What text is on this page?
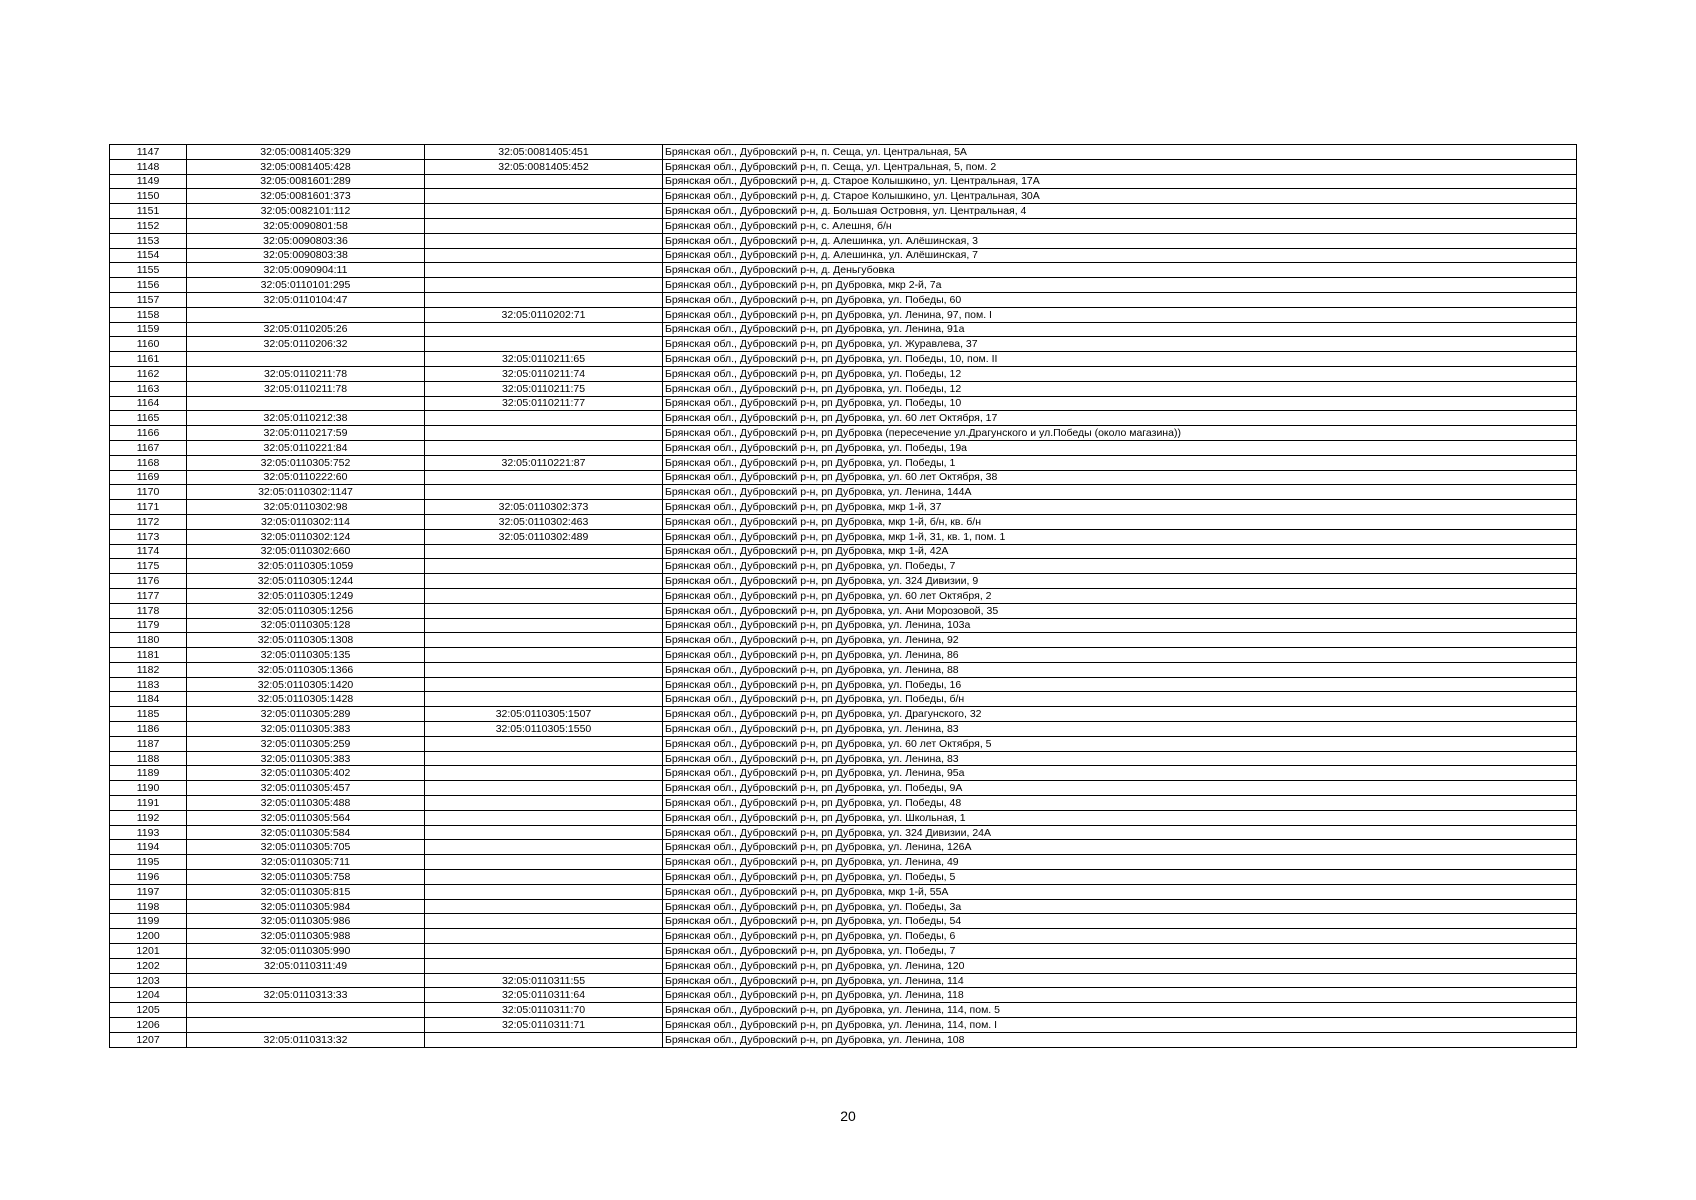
1147	32:05:0081405:329	32:05:0081405:451	Брянская обл., Дубровский р-н, п. Сеща, ул. Центральная, 5А
1148	32:05:0081405:428	32:05:0081405:452	Брянская обл., Дубровский р-н, п. Сеща, ул. Центральная, 5, пом. 2
1149	32:05:0081601:289		Брянская обл., Дубровский р-н, д. Старое Колышкино, ул. Центральная, 17А
1150	32:05:0081601:373		Брянская обл., Дубровский р-н, д. Старое Колышкино, ул. Центральная, 30А
1151	32:05:0082101:112		Брянская обл., Дубровский р-н, д. Большая Островня, ул. Центральная, 4
1152	32:05:0090801:58		Брянская обл., Дубровский р-н, с. Алешня, б/н
1153	32:05:0090803:36		Брянская обл., Дубровский р-н, д. Алешинка, ул. Алёшинская, 3
1154	32:05:0090803:38		Брянская обл., Дубровский р-н, д. Алешинка, ул. Алёшинская, 7
1155	32:05:0090904:11		Брянская обл., Дубровский р-н, д. Деньгубовка
1156	32:05:0110101:295		Брянская обл., Дубровский р-н, рп Дубровка, мкр 2-й, 7а
1157	32:05:0110104:47		Брянская обл., Дубровский р-н, рп Дубровка, ул. Победы, 60
1158		32:05:0110202:71	Брянская обл., Дубровский р-н, рп Дубровка, ул. Ленина, 97, пом. I
1159	32:05:0110205:26		Брянская обл., Дубровский р-н, рп Дубровка, ул. Ленина, 91а
1160	32:05:0110206:32		Брянская обл., Дубровский р-н, рп Дубровка, ул. Журавлева, 37
1161		32:05:0110211:65	Брянская обл., Дубровский р-н, рп Дубровка, ул. Победы, 10, пом. II
1162	32:05:0110211:78	32:05:0110211:74	Брянская обл., Дубровский р-н, рп Дубровка, ул. Победы, 12
1163	32:05:0110211:78	32:05:0110211:75	Брянская обл., Дубровский р-н, рп Дубровка, ул. Победы, 12
1164		32:05:0110211:77	Брянская обл., Дубровский р-н, рп Дубровка, ул. Победы, 10
1165	32:05:0110212:38		Брянская обл., Дубровский р-н, рп Дубровка, ул. 60 лет Октября, 17
1166	32:05:0110217:59		Брянская обл., Дубровский р-н, рп Дубровка (пересечение ул.Драгунского и ул.Победы (около магазина))
1167	32:05:0110221:84		Брянская обл., Дубровский р-н, рп Дубровка, ул. Победы, 19а
1168	32:05:0110305:752	32:05:0110221:87	Брянская обл., Дубровский р-н, рп Дубровка, ул. Победы, 1
1169	32:05:0110222:60		Брянская обл., Дубровский р-н, рп Дубровка, ул. 60 лет Октября, 38
1170	32:05:0110302:1147		Брянская обл., Дубровский р-н, рп Дубровка, ул. Ленина, 144А
1171	32:05:0110302:98	32:05:0110302:373	Брянская обл., Дубровский р-н, рп Дубровка, мкр 1-й, 37
1172	32:05:0110302:114	32:05:0110302:463	Брянская обл., Дубровский р-н, рп Дубровка, мкр 1-й, б/н, кв. б/н
1173	32:05:0110302:124	32:05:0110302:489	Брянская обл., Дубровский р-н, рп Дубровка, мкр 1-й, 31, кв. 1, пом. 1
1174	32:05:0110302:660		Брянская обл., Дубровский р-н, рп Дубровка, мкр 1-й, 42А
1175	32:05:0110305:1059		Брянская обл., Дубровский р-н, рп Дубровка, ул. Победы, 7
1176	32:05:0110305:1244		Брянская обл., Дубровский р-н, рп Дубровка, ул. 324 Дивизии, 9
1177	32:05:0110305:1249		Брянская обл., Дубровский р-н, рп Дубровка, ул. 60 лет Октября, 2
1178	32:05:0110305:1256		Брянская обл., Дубровский р-н, рп Дубровка, ул. Ани Морозовой, 35
1179	32:05:0110305:128		Брянская обл., Дубровский р-н, рп Дубровка, ул. Ленина, 103а
1180	32:05:0110305:1308		Брянская обл., Дубровский р-н, рп Дубровка, ул. Ленина, 92
1181	32:05:0110305:135		Брянская обл., Дубровский р-н, рп Дубровка, ул. Ленина, 86
1182	32:05:0110305:1366		Брянская обл., Дубровский р-н, рп Дубровка, ул. Ленина, 88
1183	32:05:0110305:1420		Брянская обл., Дубровский р-н, рп Дубровка, ул. Победы, 16
1184	32:05:0110305:1428		Брянская обл., Дубровский р-н, рп Дубровка, ул. Победы, б/н
1185	32:05:0110305:289	32:05:0110305:1507	Брянская обл., Дубровский р-н, рп Дубровка, ул. Драгунского, 32
1186	32:05:0110305:383	32:05:0110305:1550	Брянская обл., Дубровский р-н, рп Дубровка, ул. Ленина, 83
1187	32:05:0110305:259		Брянская обл., Дубровский р-н, рп Дубровка, ул. 60 лет Октября, 5
1188	32:05:0110305:383		Брянская обл., Дубровский р-н, рп Дубровка, ул. Ленина, 83
1189	32:05:0110305:402		Брянская обл., Дубровский р-н, рп Дубровка, ул. Ленина, 95а
1190	32:05:0110305:457		Брянская обл., Дубровский р-н, рп Дубровка, ул. Победы, 9А
1191	32:05:0110305:488		Брянская обл., Дубровский р-н, рп Дубровка, ул. Победы, 48
1192	32:05:0110305:564		Брянская обл., Дубровский р-н, рп Дубровка, ул. Школьная, 1
1193	32:05:0110305:584		Брянская обл., Дубровский р-н, рп Дубровка, ул. 324 Дивизии, 24А
1194	32:05:0110305:705		Брянская обл., Дубровский р-н, рп Дубровка, ул. Ленина, 126А
1195	32:05:0110305:711		Брянская обл., Дубровский р-н, рп Дубровка, ул. Ленина, 49
1196	32:05:0110305:758		Брянская обл., Дубровский р-н, рп Дубровка, ул. Победы, 5
1197	32:05:0110305:815		Брянская обл., Дубровский р-н, рп Дубровка, мкр 1-й, 55А
1198	32:05:0110305:984		Брянская обл., Дубровский р-н, рп Дубровка, ул. Победы, 3а
1199	32:05:0110305:986		Брянская обл., Дубровский р-н, рп Дубровка, ул. Победы, 54
1200	32:05:0110305:988		Брянская обл., Дубровский р-н, рп Дубровка, ул. Победы, 6
1201	32:05:0110305:990		Брянская обл., Дубровский р-н, рп Дубровка, ул. Победы, 7
1202	32:05:0110311:49		Брянская обл., Дубровский р-н, рп Дубровка, ул. Ленина, 120
1203		32:05:0110311:55	Брянская обл., Дубровский р-н, рп Дубровка, ул. Ленина, 114
1204	32:05:0110313:33	32:05:0110311:64	Брянская обл., Дубровский р-н, рп Дубровка, ул. Ленина, 118
1205		32:05:0110311:70	Брянская обл., Дубровский р-н, рп Дубровка, ул. Ленина, 114, пом. 5
1206		32:05:0110311:71	Брянская обл., Дубровский р-н, рп Дубровка, ул. Ленина, 114, пом. I
1207	32:05:0110313:32		Брянская обл., Дубровский р-н, рп Дубровка, ул. Ленина, 108
20
